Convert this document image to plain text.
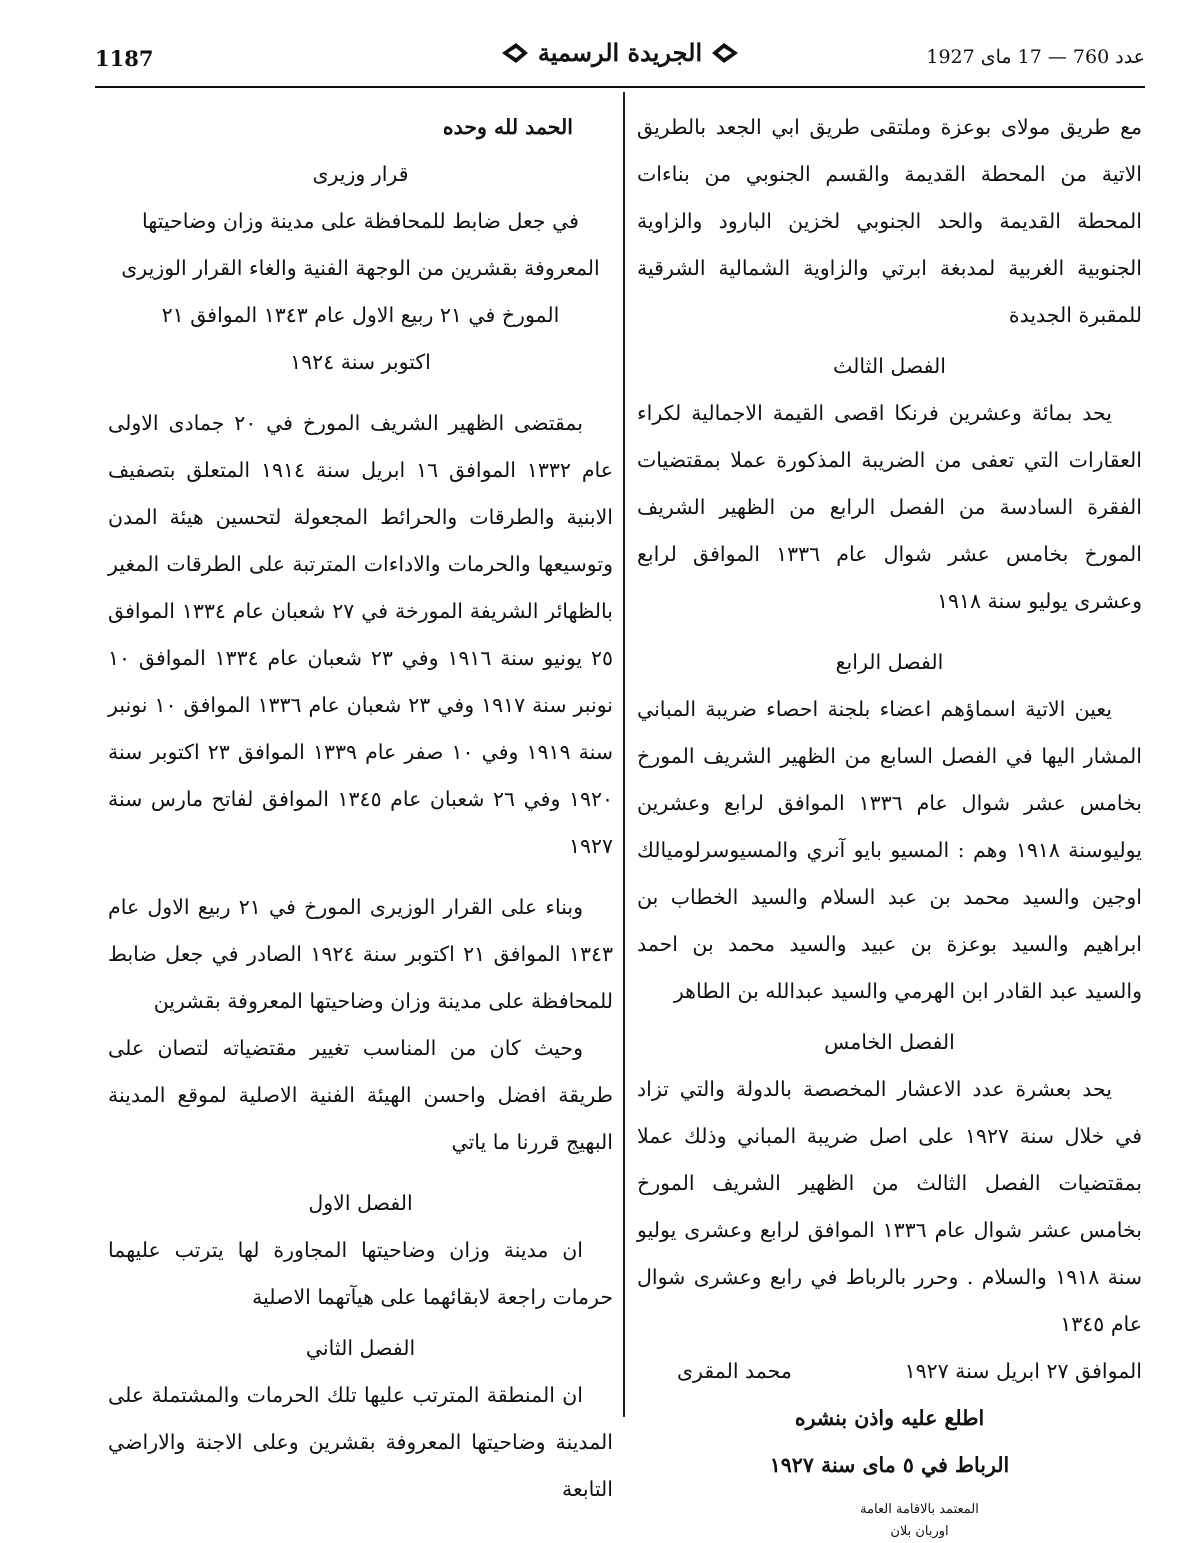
1187	الجريدة الرسمية	عدد 760 — 17 ماى 1927

مع طريق مولاى بوعزة وملتقى طريق ابي الجعد بالطريق الاتية من المحطة القديمة والقسم الجنوبي من بناءات المحطة القديمة والحد الجنوبي لخزين البارود والزاوية الجنوبية الغربية لمدبغة ابرتي والزاوية الشمالية الشرقية للمقبرة الجديدة

الفصل الثالث

يحد بمائة وعشرين فرنكا اقصى القيمة الاجمالية لكراء العقارات التي تعفى من الضريبة المذكورة عملا بمقتضيات الفقرة السادسة من الفصل الرابع من الظهير الشريف المورخ بخامس عشر شوال عام ١٣٣٦ الموافق لرابع وعشرى يوليو سنة ١٩١٨

الفصل الرابع

يعين الاتية اسماؤهم اعضاء بلجنة احصاء ضريبة المباني المشار اليها في الفصل السابع من الظهير الشريف المورخ بخامس عشر شوال عام ١٣٣٦ الموافق لرابع وعشرين يوليوسنة ١٩١٨ وهم : المسيو بايو آنري والمسيوسرلوميالك اوجين والسيد محمد بن عبد السلام والسيد الخطاب بن ابراهيم والسيد بوعزة بن عبيد والسيد محمد بن احمد والسيد عبد القادر ابن الهرمي والسيد عبدالله بن الطاهر

الفصل الخامس

يحد بعشرة عدد الاعشار المخصصة بالدولة والتي تزاد في خلال سنة ١٩٢٧ على اصل ضريبة المباني وذلك عملا بمقتضيات الفصل الثالث من الظهير الشريف المورخ بخامس عشر شوال عام ١٣٣٦ الموافق لرابع وعشرى يوليو سنة ١٩١٨ والسلام . وحرر بالرباط في رابع وعشرى شوال عام ١٣٤٥

الموافق ٢٧ ابريل سنة ١٩٢٧
محمد المقرى

اطلع عليه واذن بنشره

الرباط في ٥ ماى سنة ١٩٢٧

المعتمد بالاقامة العامة
اوربان بلان

الحمد لله وحده

قرار وزيرى

في جعل ضابط للمحافظة على مدينة وزان وضاحيتها

المعروفة بقشرين من الوجهة الفنية والغاء القرار الوزيرى

المورخ في ٢١ ربيع الاول عام ١٣٤٣ الموافق ٢١

اكتوبر سنة ١٩٢٤

بمقتضى الظهير الشريف المورخ في ٢٠ جمادى الاولى عام ١٣٣٢ الموافق ١٦ ابريل سنة ١٩١٤ المتعلق بتصفيف الابنية والطرقات والحرائط المجعولة لتحسين هيئة المدن وتوسيعها والحرمات والاداءات المترتبة على الطرقات المغير بالظهائر الشريفة المورخة في ٢٧ شعبان عام ١٣٣٤ الموافق ٢٥ يونيو سنة ١٩١٦ وفي ٢٣ شعبان عام ١٣٣٤ الموافق ١٠ نونبر سنة ١٩١٧ وفي ٢٣ شعبان عام ١٣٣٦ الموافق ١٠ نونبر سنة ١٩١٩ وفي ١٠ صفر عام ١٣٣٩ الموافق ٢٣ اكتوبر سنة ١٩٢٠ وفي ٢٦ شعبان عام ١٣٤٥ الموافق لفاتح مارس سنة ١٩٢٧

وبناء على القرار الوزيرى المورخ في ٢١ ربيع الاول عام ١٣٤٣ الموافق ٢١ اكتوبر سنة ١٩٢٤ الصادر في جعل ضابط للمحافظة على مدينة وزان وضاحيتها المعروفة بقشرين

وحيث كان من المناسب تغيير مقتضياته لتصان على طريقة افضل واحسن الهيئة الفنية الاصلية لموقع المدينة البهيج قررنا ما ياتي

الفصل الاول

ان مدينة وزان وضاحيتها المجاورة لها يترتب عليهما حرمات راجعة لابقائهما على هيآتهما الاصلية

الفصل الثاني

ان المنطقة المترتب عليها تلك الحرمات والمشتملة على المدينة وضاحيتها المعروفة بقشرين وعلى الاجنة والاراضي التابعة
